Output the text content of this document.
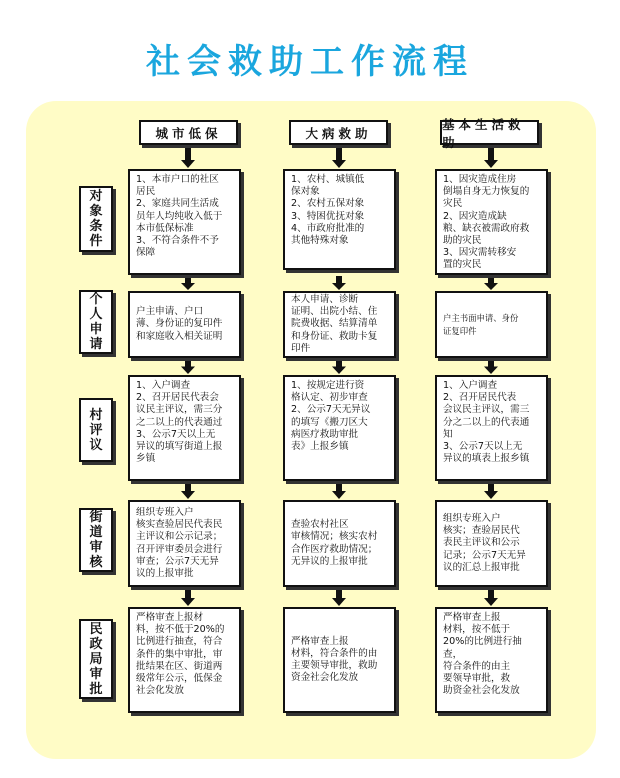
社会救助工作流程
城市低保	大病救助
基本生活救助
对
象
条
件
1、本市户口的社区
居民
2、家庭共同生活成
员年人均纯收入低于
本市低保标准
3、不符合条件不予
保障
1、农村、城镇低
保对象
2、农村五保对象
3、特困优抚对象
4、市政府批准的
其他特殊对象
1、因灾造成住房
倒塌自身无力恢复的
灾民
2、因灾造成缺
粮、缺衣被需政府救
助的灾民
3、因灾需转移安
置的灾民
个
人
申
请
户主申请、户口
薄、身份证的复印件
和家庭收入相关证明
本人申请、诊断
证明、出院小结、住
院费收据、结算清单
和身份证、救助卡复
印件
户主书面申请、身份
证复印件
村
评
议
1、入户调查
2、召开居民代表会
议民主评议，需三分
之二以上的代表通过
3、公示7天以上无
异议的填写街道上报
乡镇
1、按规定进行资
格认定、初步审查
2、公示7天无异议
的填写《搬刀区大
病医疗救助审批
表》上报乡镇
1、入户调查
2、召开居民代表
会议民主评议，需三
分之二以上的代表通
知
3、公示7天以上无
异议的填表上报乡镇
街
道
审
核
组织专班入户
核实查验居民代表民
主评议和公示记录；
召开评审委员会进行
审查；公示7天无异
议的上报审批
查验农村社区
审核情况；核实农村
合作医疗救助情况；
无异议的上报审批
组织专班入户
核实；查验居民代
表民主评议和公示
记录；公示7天无异
议的汇总上报审批
民
政
局
审
批
严格审查上报材
料，按不低于20%的
比例进行抽查，符合
条件的集中审批，审
批结果在区、街道两
级常年公示，低保金
社会化发放
严格审查上报
材料，符合条件的由
主要领导审批，救助
资金社会化发放
严格审查上报
材料，按不低于
20%的比例进行抽查，
符合条件的由主
要领导审批，救
助资金社会化发放
